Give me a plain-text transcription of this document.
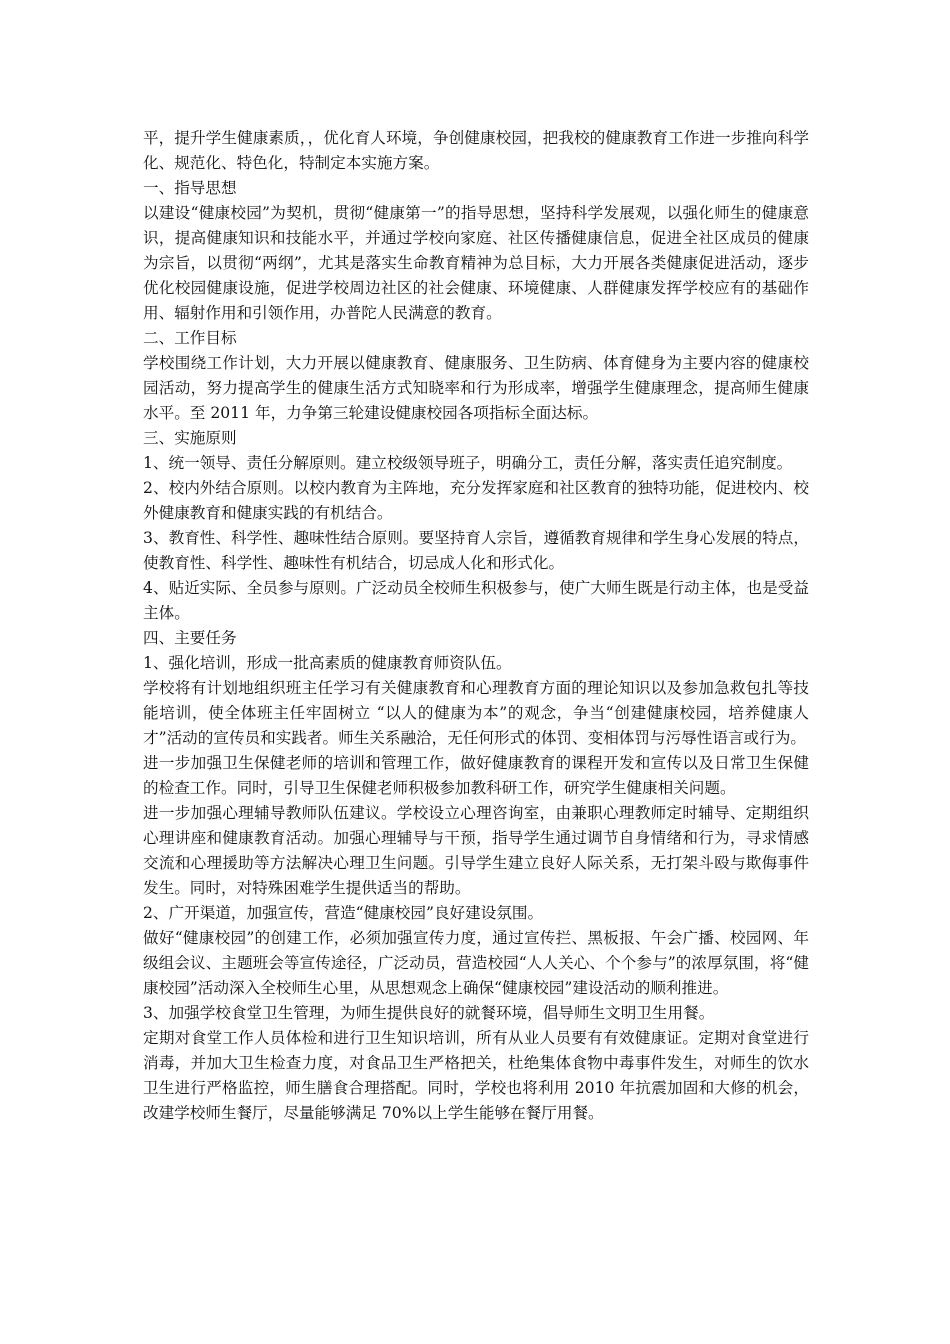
平，提升学生健康素质，，优化育人环境，争创健康校园，把我校的健康教育工作进一步推向科学化、规范化、特色化，特制定本实施方案。

一、指导思想

以建设“健康校园”为契机，贯彻“健康第一”的指导思想，坚持科学发展观，以强化师生的健康意识，提高健康知识和技能水平，并通过学校向家庭、社区传播健康信息，促进全社区成员的健康为宗旨，以贯彻“两纲”，尤其是落实生命教育精神为总目标，大力开展各类健康促进活动，逐步优化校园健康设施，促进学校周边社区的社会健康、环境健康、人群健康发挥学校应有的基础作用、辐射作用和引领作用，办普陀人民满意的教育。

二、工作目标

学校围绕工作计划，大力开展以健康教育、健康服务、卫生防病、体育健身为主要内容的健康校园活动，努力提高学生的健康生活方式知晓率和行为形成率，增强学生健康理念，提高师生健康水平。至 2011 年，力争第三轮建设健康校园各项指标全面达标。

三、实施原则

1、统一领导、责任分解原则。建立校级领导班子，明确分工，责任分解，落实责任追究制度。

2、校内外结合原则。以校内教育为主阵地，充分发挥家庭和社区教育的独特功能，促进校内、校外健康教育和健康实践的有机结合。

3、教育性、科学性、趣味性结合原则。要坚持育人宗旨，遵循教育规律和学生身心发展的特点，使教育性、科学性、趣味性有机结合，切忌成人化和形式化。

4、贴近实际、全员参与原则。广泛动员全校师生积极参与，使广大师生既是行动主体，也是受益主体。

四、主要任务

1、强化培训，形成一批高素质的健康教育师资队伍。

学校将有计划地组织班主任学习有关健康教育和心理教育方面的理论知识以及参加急救包扎等技能培训，使全体班主任牢固树立 “以人的健康为本”的观念，争当“创建健康校园，培养健康人才”活动的宣传员和实践者。师生关系融洽，无任何形式的体罚、变相体罚与污辱性语言或行为。

进一步加强卫生保健老师的培训和管理工作，做好健康教育的课程开发和宣传以及日常卫生保健的检查工作。同时，引导卫生保健老师积极参加教科研工作，研究学生健康相关问题。

进一步加强心理辅导教师队伍建议。学校设立心理咨询室，由兼职心理教师定时辅导、定期组织心理讲座和健康教育活动。加强心理辅导与干预，指导学生通过调节自身情绪和行为，寻求情感交流和心理援助等方法解决心理卫生问题。引导学生建立良好人际关系，无打架斗殴与欺侮事件发生。同时，对特殊困难学生提供适当的帮助。

2、广开渠道，加强宣传，营造“健康校园”良好建设氛围。

做好“健康校园”的创建工作，必须加强宣传力度，通过宣传拦、黑板报、午会广播、校园网、年级组会议、主题班会等宣传途径，广泛动员，营造校园“人人关心、个个参与”的浓厚氛围，将“健康校园”活动深入全校师生心里，从思想观念上确保“健康校园”建设活动的顺利推进。

3、加强学校食堂卫生管理，为师生提供良好的就餐环境，倡导师生文明卫生用餐。

定期对食堂工作人员体检和进行卫生知识培训，所有从业人员要有有效健康证。定期对食堂进行消毒，并加大卫生检查力度，对食品卫生严格把关，杜绝集体食物中毒事件发生，对师生的饮水卫生进行严格监控，师生膳食合理搭配。同时，学校也将利用 2010 年抗震加固和大修的机会，改建学校师生餐厅，尽量能够满足 70%以上学生能够在餐厅用餐。
